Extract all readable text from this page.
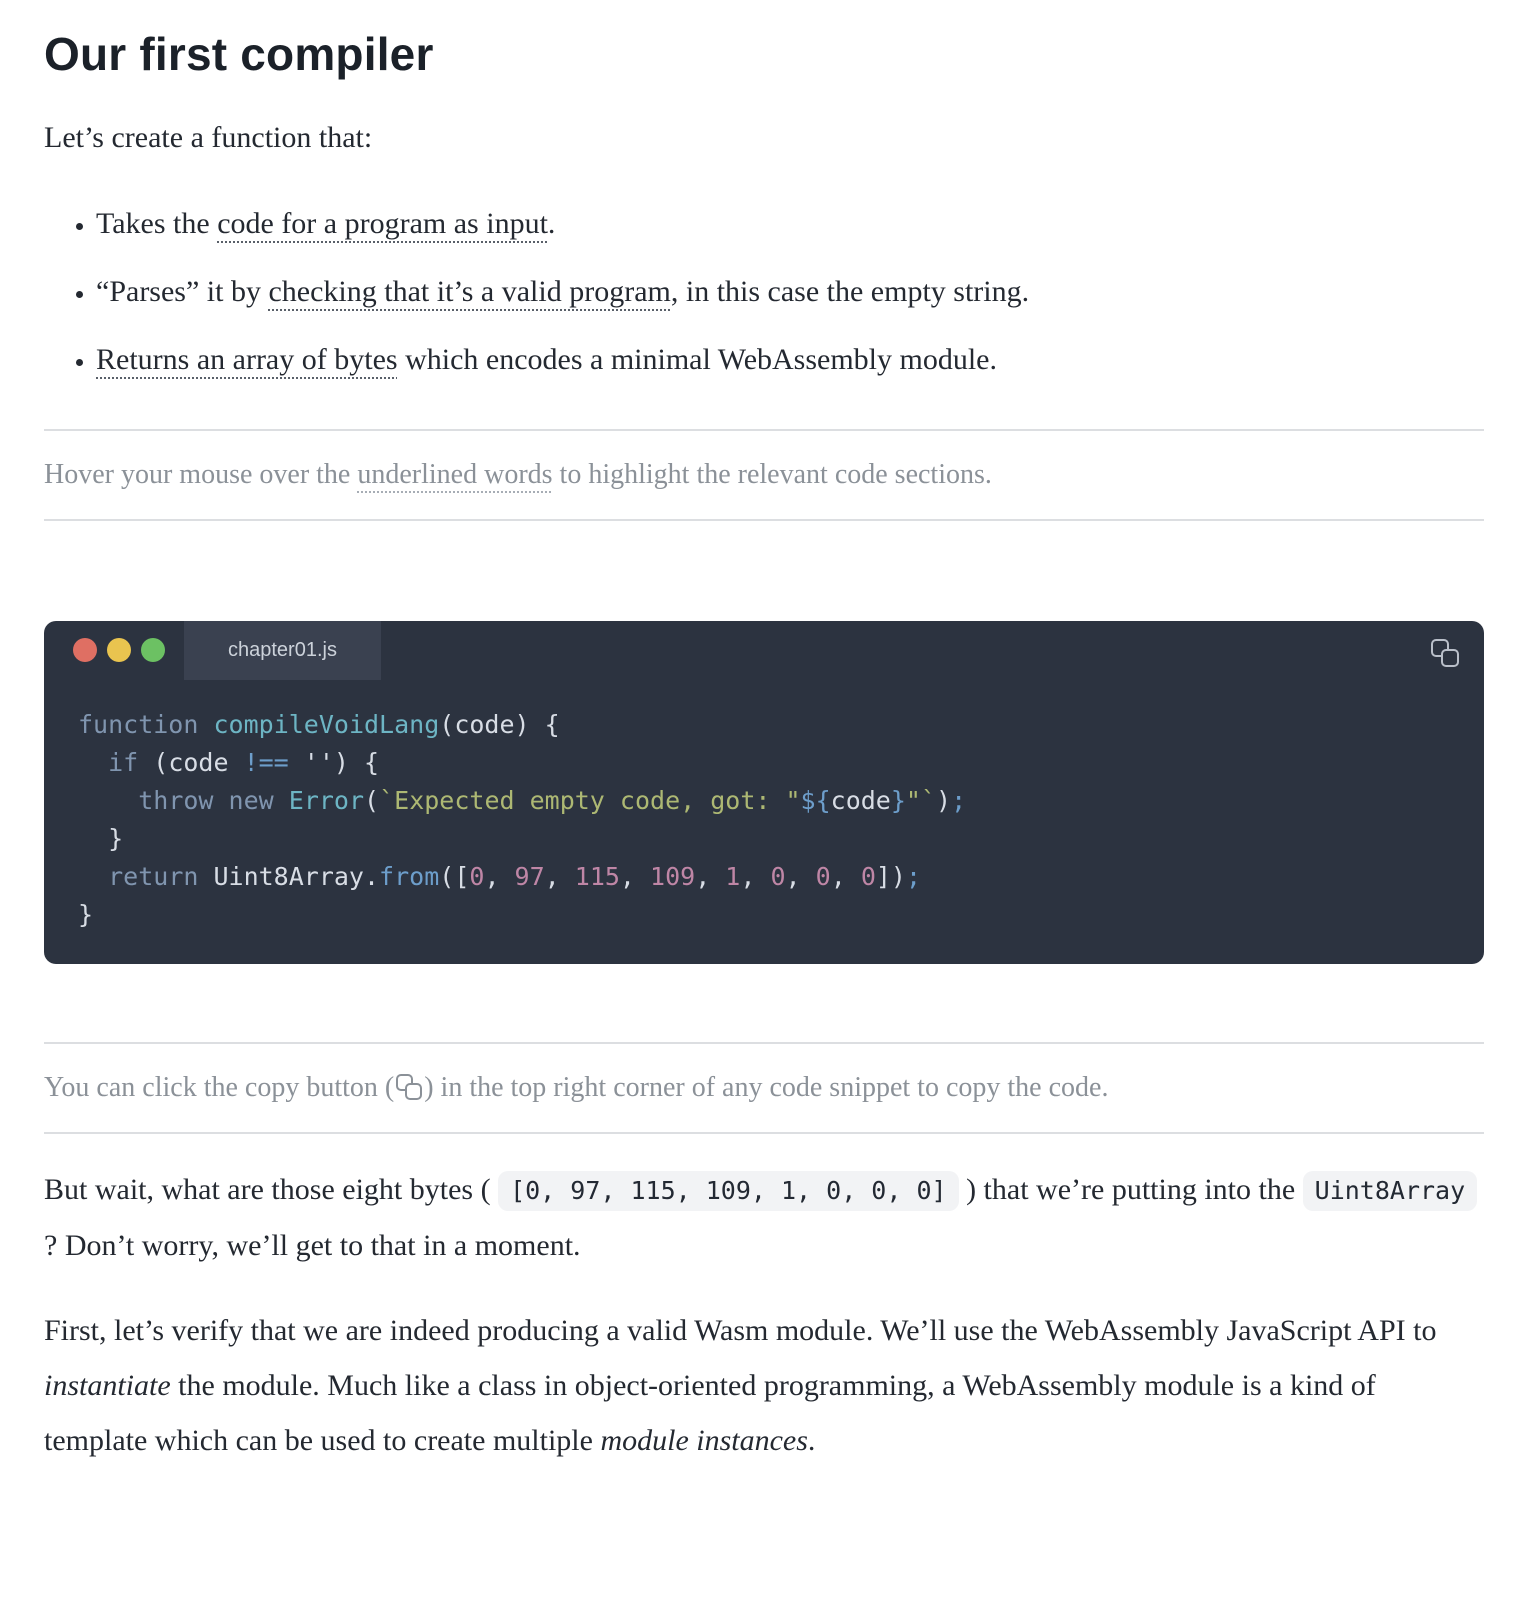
Our first compiler

Let’s create a function that:

• Takes the code for a program as input.
• “Parses” it by checking that it’s a valid program, in this case the empty string.
• Returns an array of bytes which encodes a minimal WebAssembly module.

Hover your mouse over the underlined words to highlight the relevant code sections.

chapter01.js
function compileVoidLang(code) {
if (code !== '') {
throw new Error(`Expected empty code, got: "${code}"`);
}
return Uint8Array.from([0, 97, 115, 109, 1, 0, 0, 0]);
}

You can click the copy button ( ) in the top right corner of any code snippet to copy the code.

But wait, what are those eight bytes ( [0, 97, 115, 109, 1, 0, 0, 0] ) that we’re putting into the Uint8Array ? Don’t worry, we’ll get to that in a moment.

First, let’s verify that we are indeed producing a valid Wasm module. We’ll use the WebAssembly JavaScript API to instantiate the module. Much like a class in object-oriented programming, a WebAssembly module is a kind of template which can be used to create multiple module instances.
